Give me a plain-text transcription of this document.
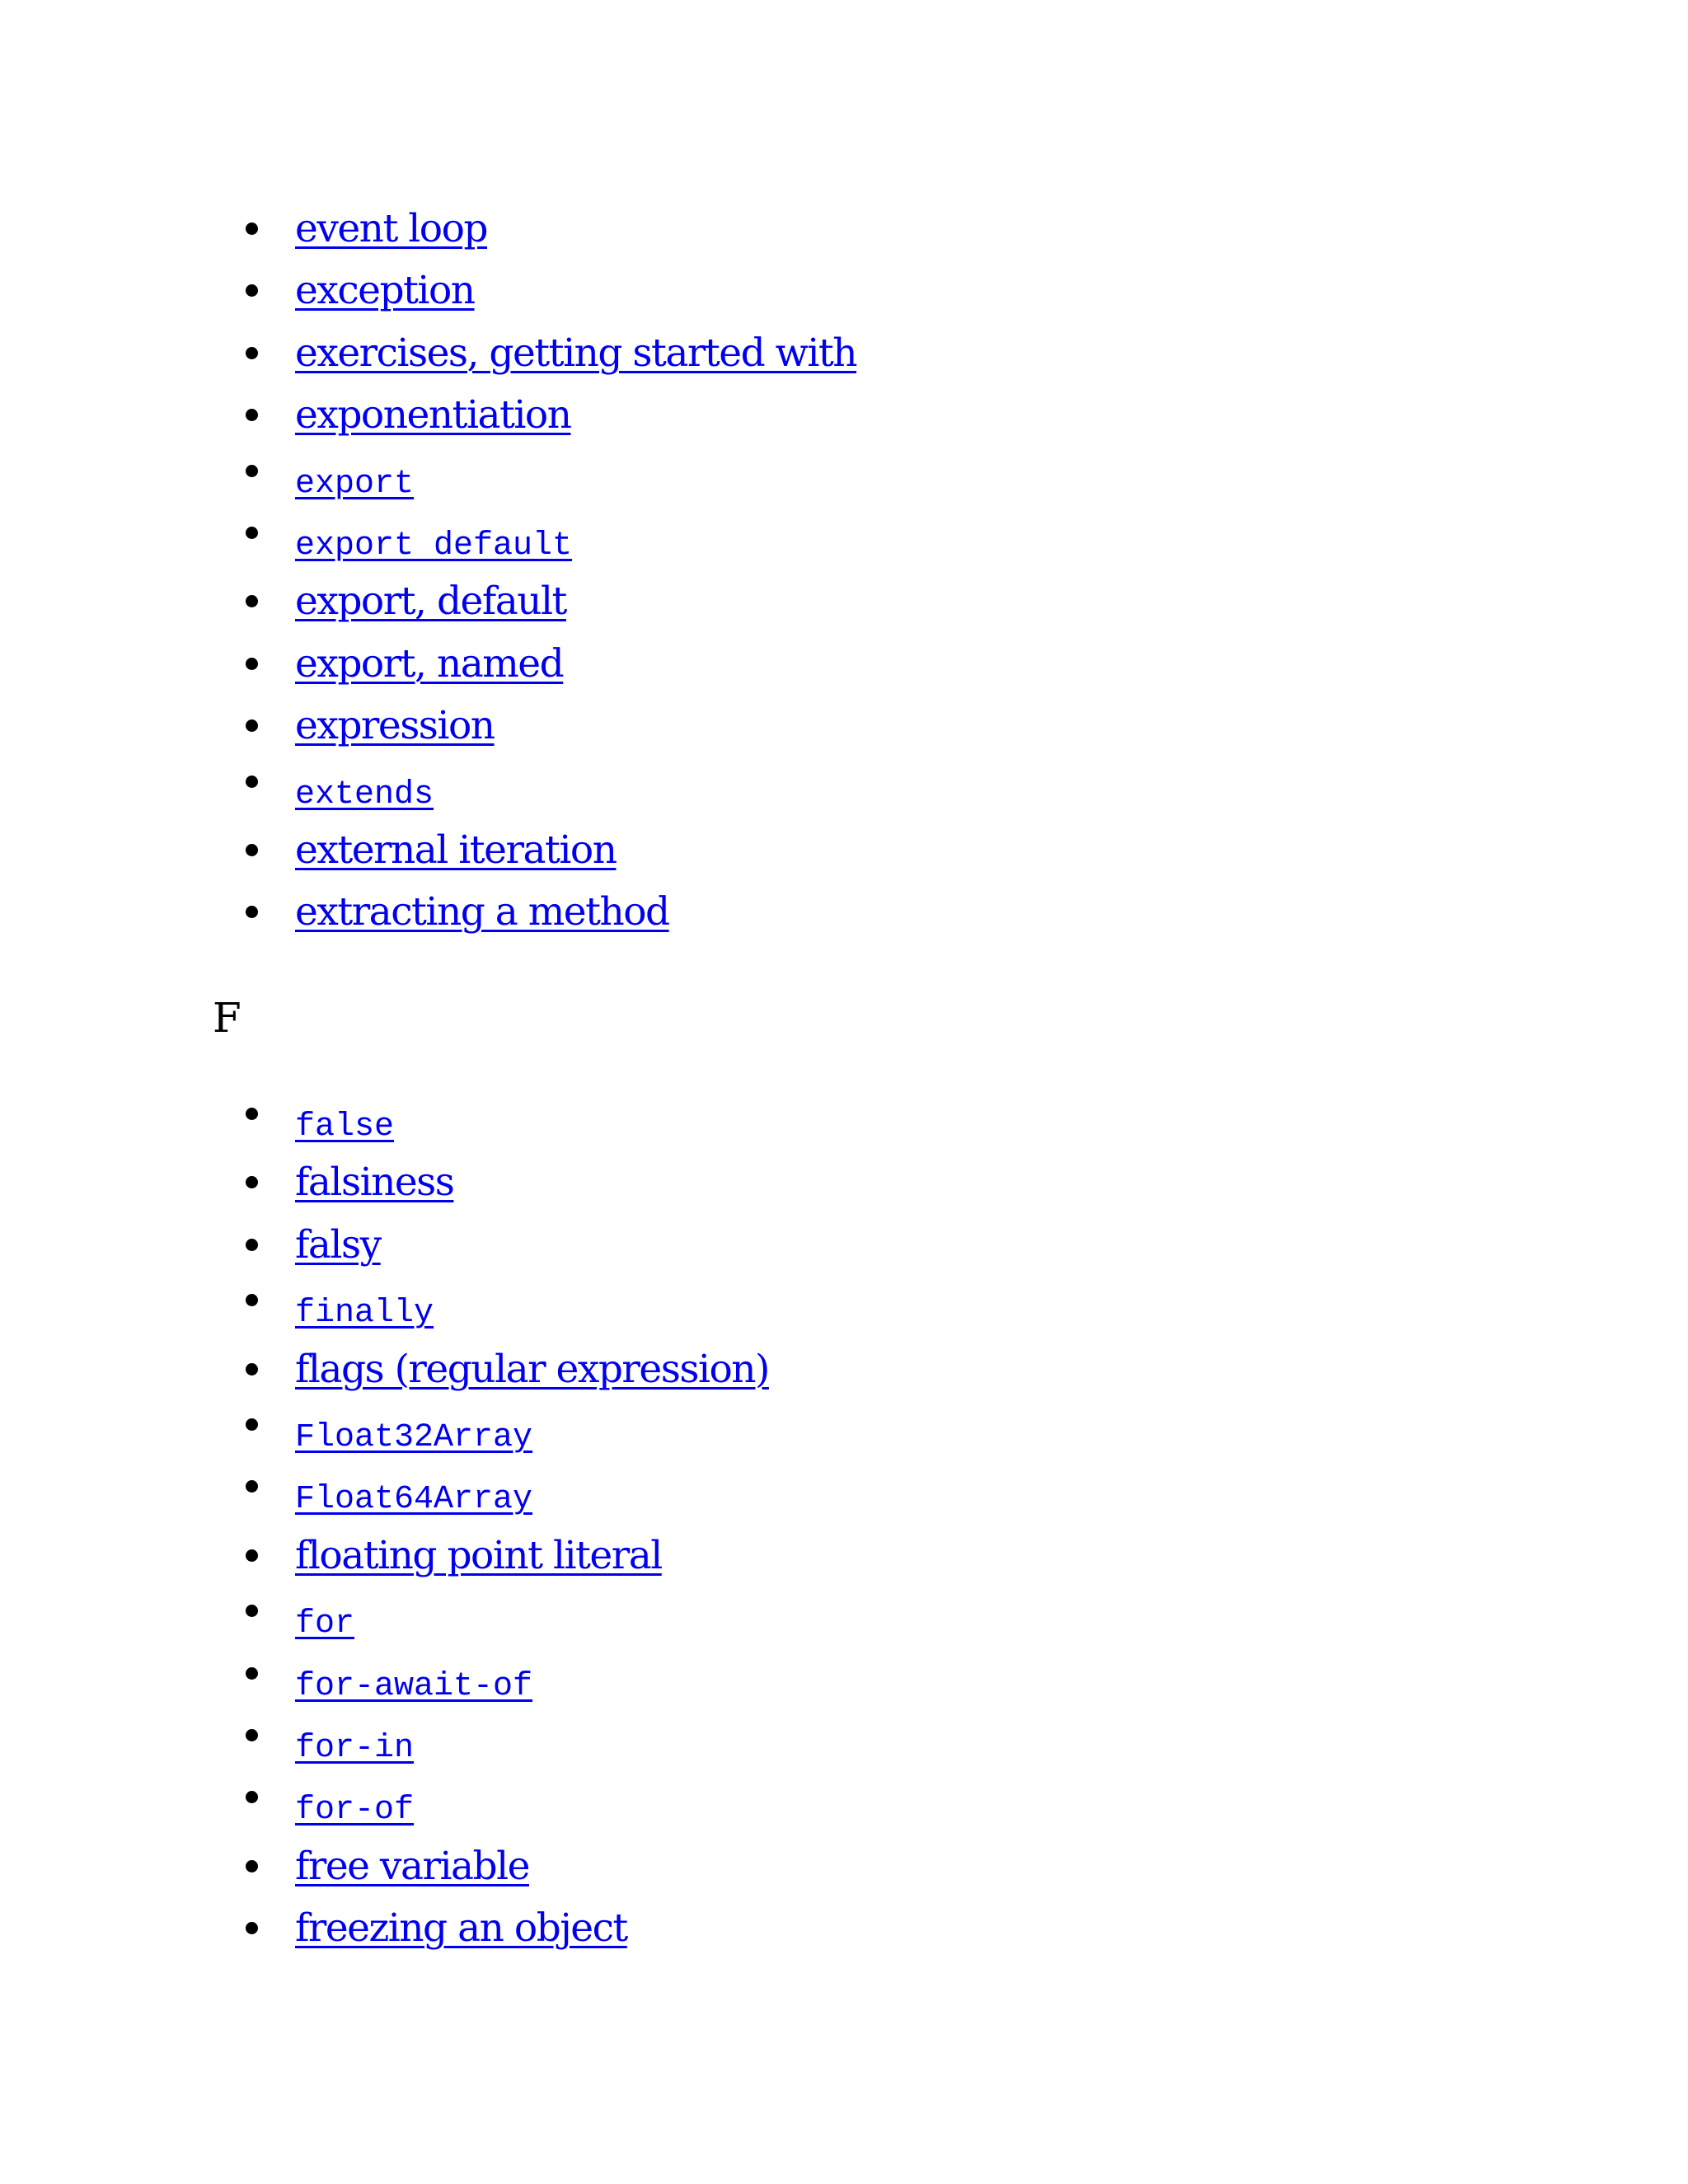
event loop
exception
exercises, getting started with
exponentiation
export
export default
export, default
export, named
expression
extends
external iteration
extracting a method
F
false
falsiness
falsy
finally
flags (regular expression)
Float32Array
Float64Array
floating point literal
for
for-await-of
for-in
for-of
free variable
freezing an object
